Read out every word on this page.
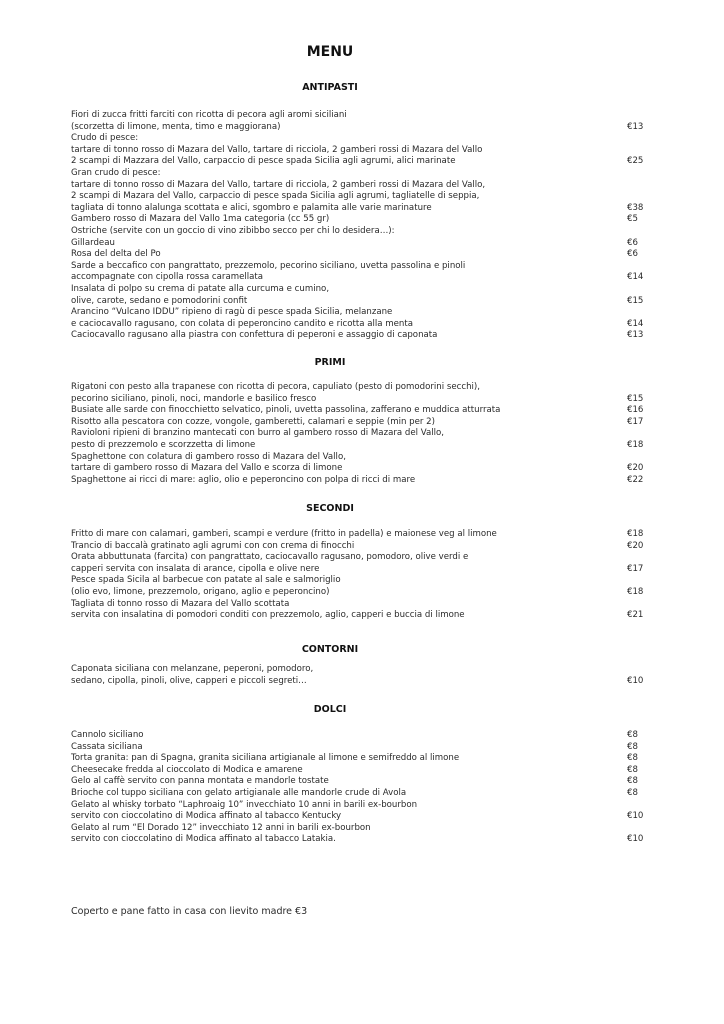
MENU
ANTIPASTI
Fiori di zucca fritti farciti con ricotta di pecora agli aromi siciliani
(scorzetta di limone, menta, timo e maggiorana)	€13
Crudo di pesce:
tartare di tonno rosso di Mazara del Vallo, tartare di ricciola, 2 gamberi rossi di Mazara del Vallo
2 scampi di Mazzara del Vallo, carpaccio di pesce spada Sicilia agli agrumi, alici marinate	€25
Gran crudo di pesce:
tartare di tonno rosso di Mazara del Vallo, tartare di ricciola, 2 gamberi rossi di Mazara del Vallo,
2 scampi di Mazara del Vallo, carpaccio di pesce spada Sicilia agli agrumi, tagliatelle di seppia,
tagliata di tonno alalunga scottata e alici, sgombro e palamita alle varie marinature	€38
Gambero rosso di Mazara del Vallo 1ma categoria (cc 55 gr)	€5
Ostriche (servite con un goccio di vino zibibbo secco per chi lo desidera…):
Gillardeau	€6
Rosa del delta del Po	€6
Sarde a beccafico con pangrattato, prezzemolo, pecorino siciliano, uvetta passolina e pinoli
accompagnate con cipolla rossa caramellata	€14
Insalata di polpo su crema di patate alla curcuma e cumino,
olive, carote, sedano e pomodorini confit	€15
Arancino “Vulcano IDDU” ripieno di ragù di pesce spada Sicilia, melanzane
e caciocavallo ragusano, con colata di peperoncino candito e ricotta alla menta	€14
Caciocavallo ragusano alla piastra con confettura di peperoni e assaggio di caponata	€13
PRIMI
Rigatoni con pesto alla trapanese con ricotta di pecora, capuliato (pesto di pomodorini secchi),
pecorino siciliano, pinoli, noci, mandorle e basilico fresco	€15
Busiate alle sarde con finocchietto selvatico, pinoli, uvetta passolina, zafferano e muddica atturrata	€16
Risotto alla pescatora con cozze, vongole, gamberetti, calamari e seppie (min per 2)	€17
Ravioloni ripieni di branzino mantecati con burro al gambero rosso di Mazara del Vallo,
pesto di prezzemolo e scorzzetta di limone	€18
Spaghettone con colatura di gambero rosso di Mazara del Vallo,
tartare di gambero rosso di Mazara del Vallo e scorza di limone	€20
Spaghettone ai ricci di mare: aglio, olio e peperoncino con polpa di ricci di mare	€22
SECONDI
Fritto di mare con calamari, gamberi, scampi e verdure (fritto in padella) e maionese veg al limone	€18
Trancio di baccalà gratinato agli agrumi con con crema di finocchi	€20
Orata abbuttunata (farcita) con pangrattato, caciocavallo ragusano, pomodoro, olive verdi e
capperi servita con insalata di arance, cipolla e olive nere	€17
Pesce spada Sicila al barbecue con patate al sale e salmoriglio
(olio evo, limone, prezzemolo, origano, aglio e peperoncino)	€18
Tagliata di tonno rosso di Mazara del Vallo scottata
servita con insalatina di pomodori conditi con prezzemolo, aglio, capperi e buccia di limone	€21
CONTORNI
Caponata siciliana con melanzane, peperoni, pomodoro,
sedano, cipolla, pinoli, olive, capperi e piccoli segreti…	€10
DOLCI
Cannolo siciliano	€8
Cassata siciliana	€8
Torta granita: pan di Spagna, granita siciliana artigianale al limone e semifreddo al limone	€8
Cheesecake fredda al cioccolato di Modica e amarene	€8
Gelo al caffè servito con panna montata e mandorle tostate	€8
Brioche col tuppo siciliana con gelato artigianale alle mandorle crude di Avola	€8
Gelato al whisky torbato “Laphroaig 10” invecchiato 10 anni in barili ex-bourbon
servito con cioccolatino di Modica affinato al tabacco Kentucky	€10
Gelato al rum “El Dorado 12” invecchiato 12 anni in barili ex-bourbon
servito con cioccolatino di Modica affinato al tabacco Latakia.	€10
Coperto e pane fatto in casa con lievito madre €3
